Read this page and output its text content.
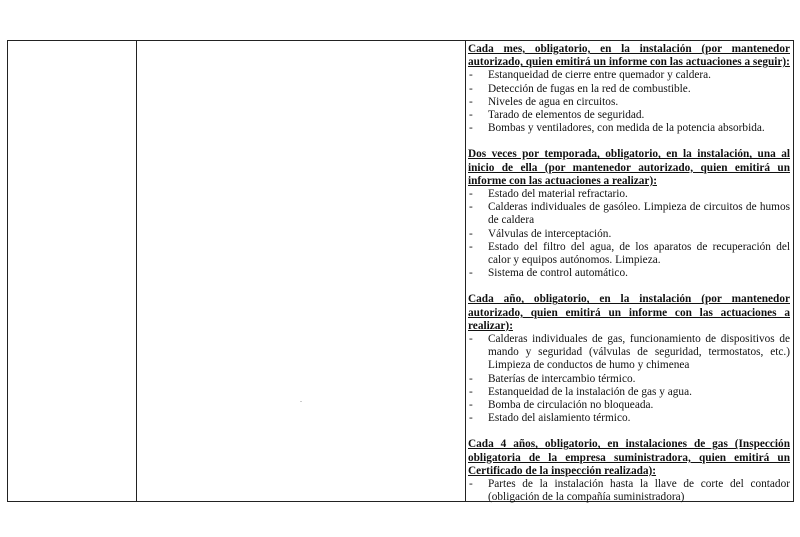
Cada mes, obligatorio, en la instalación (por mantenedor autorizado, quien emitirá un informe con las actuaciones a seguir):
- Estanqueidad de cierre entre quemador y caldera.
- Detección de fugas en la red de combustible.
- Niveles de agua en circuitos.
- Tarado de elementos de seguridad.
- Bombas y ventiladores, con medida de la potencia absorbida.
Dos veces por temporada, obligatorio, en la instalación, una al inicio de ella (por mantenedor autorizado, quien emitirá un informe con las actuaciones a realizar):
- Estado del material refractario.
- Calderas individuales de gasóleo. Limpieza de circuitos de humos de caldera
- Válvulas de interceptación.
- Estado del filtro del agua, de los aparatos de recuperación del calor y equipos autónomos. Limpieza.
- Sistema de control automático.
Cada año, obligatorio, en la instalación (por mantenedor autorizado, quien emitirá un informe con las actuaciones a realizar):
- Calderas individuales de gas, funcionamiento de dispositivos de mando y seguridad (válvulas de seguridad, termostatos, etc.) Limpieza de conductos de humo y chimenea
- Baterías de intercambio térmico.
- Estanqueidad de la instalación de gas y agua.
- Bomba de circulación no bloqueada.
- Estado del aislamiento térmico.
Cada 4 años, obligatorio, en instalaciones de gas (Inspección obligatoria de la empresa suministradora, quien emitirá un Certificado de la inspección realizada):
- Partes de la instalación hasta la llave de corte del contador (obligación de la compañía suministradora)
